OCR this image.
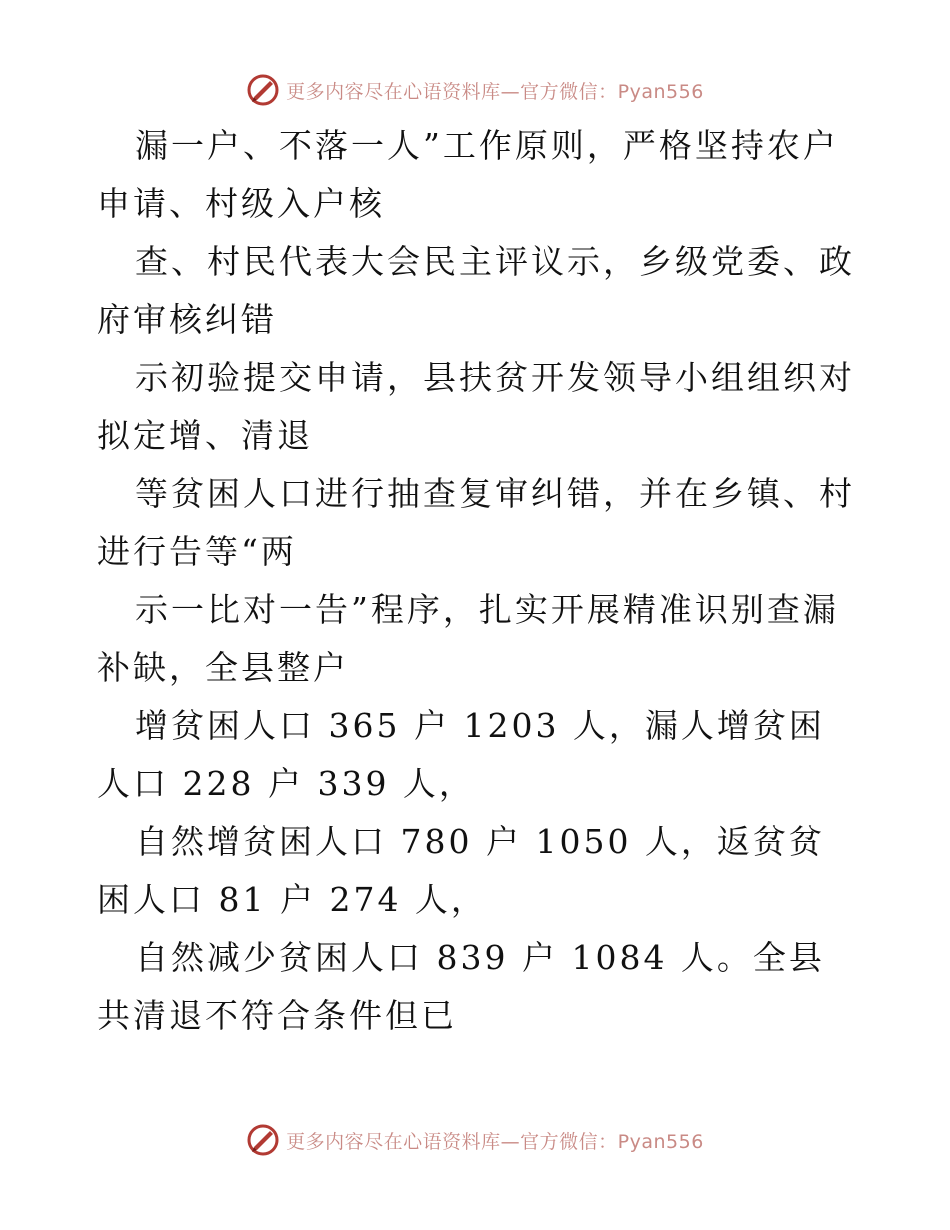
更多内容尽在心语资料库—官方微信：Pyan556

漏一户、不落一人”工作原则，严格坚持农户申请、村级入户核

查、村民代表大会民主评议示，乡级党委、政府审核纠错

示初验提交申请，县扶贫开发领导小组组织对拟定增、清退

等贫困人口进行抽查复审纠错，并在乡镇、村进行告等“两

示一比对一告”程序，扎实开展精准识别查漏补缺，全县整户

增贫困人口 365 户 1203 人，漏人增贫困人口 228 户 339 人，

自然增贫困人口 780 户 1050 人，返贫贫困人口 81 户 274 人，

自然减少贫困人口 839 户 1084 人。全县共清退不符合条件但已

更多内容尽在心语资料库—官方微信：Pyan556
